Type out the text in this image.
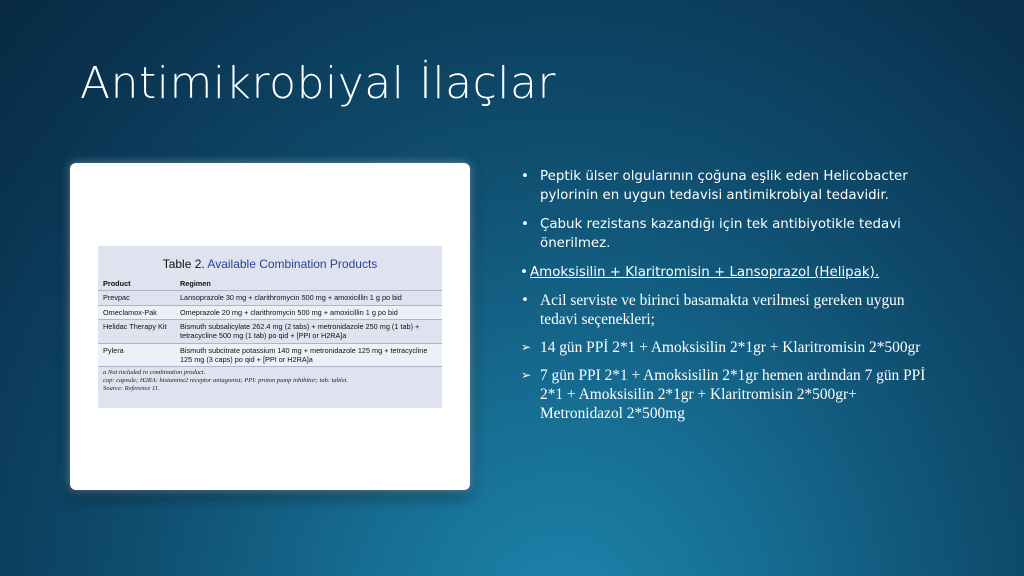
Antimikrobiyal İlaçlar
Table 2. Available Combination Products
Product	Regimen
Prevpac	Lansoprazole 30 mg + clarithromycin 500 mg + amoxicillin 1 g po bid
Omeclamox-Pak	Omeprazole 20 mg + clarithromycin 500 mg + amoxicillin 1 g po bid
Helidac Therapy Kit	Bismuth subsalicylate 262.4 mg (2 tabs) + metronidazole 250 mg (1 tab) + tetracycline 500 mg (1 tab) po qid + [PPI or H2RA]a
Pylera	Bismuth subcitrate potassium 140 mg + metronidazole 125 mg + tetracycline 125 mg (3 caps) po qid + [PPI or H2RA]a
a Not included in combination product.
cap: capsule; H2RA: histamine2 receptor antagonist; PPI: proton pump inhibitor; tab: tablet.
Source: Reference 11.
• Peptik ülser olgularının çoğuna eşlik eden Helicobacter pylorinin en uygun tedavisi antimikrobiyal tedavidir.
• Çabuk rezistans kazandığı için tek antibiyotikle tedavi önerilmez.
• Amoksisilin + Klaritromisin + Lansoprazol (Helipak).
• Acil serviste ve birinci basamakta verilmesi gereken uygun tedavi seçenekleri;
➢ 14 gün PPİ 2*1 + Amoksisilin 2*1gr + Klaritromisin 2*500gr
➢ 7 gün PPI 2*1 + Amoksisilin 2*1gr hemen ardından 7 gün PPİ 2*1 + Amoksisilin 2*1gr + Klaritromisin 2*500gr+ Metronidazol 2*500mg
